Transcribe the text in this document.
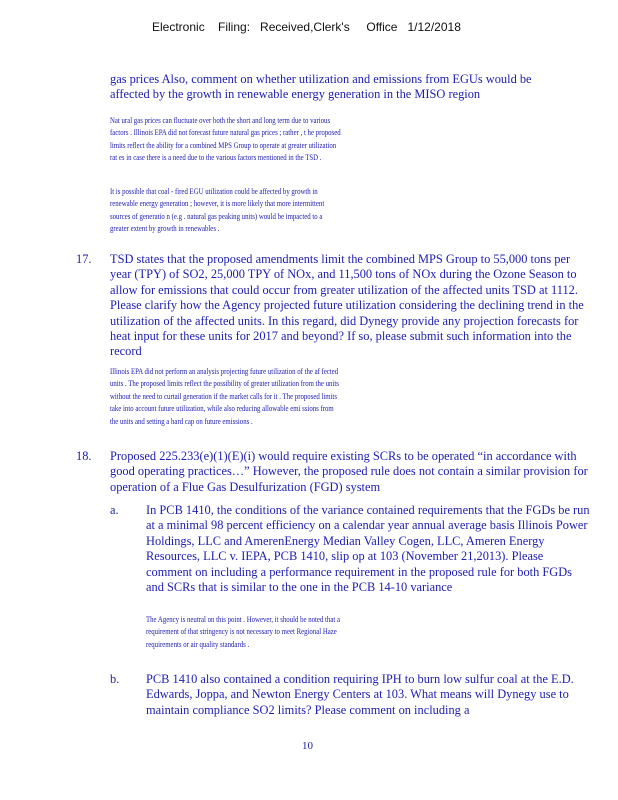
Electronic    Filing:   Received,Clerk's     Office   1/12/2018

gas prices Also, comment on whether utilization and emissions from EGUs would be affected by the growth in renewable energy generation in the MISO region

Nat ural gas prices can fluctuate over both the short and long term due to various
factors . Illinois EPA did not forecast future natural gas prices ; rather , t he proposed
limits reflect the ability for a combined MPS Group to operate at greater utilization
rat es in case there is a need due to the various factors mentioned in the TSD .
It is possible that coal - fired EGU utilization could be affected by growth in
renewable energy generation ; however, it is more likely that more intermittent
sources of generatio n (e.g . natural gas peaking units) would be impacted to a
greater extent by growth in renewables .
17. TSD states that the proposed amendments limit the combined MPS Group to 55,000 tons per year (TPY) of SO2, 25,000 TPY of NOx, and 11,500 tons of NOx during the Ozone Season to allow for emissions that could occur from greater utilization of the affected units TSD at 1112. Please clarify how the Agency projected future utilization considering the declining trend in the utilization of the affected units. In this regard, did Dynegy provide any projection forecasts for heat input for these units for 2017 and beyond? If so, please submit such information into the record

Illinois EPA did not perform an analysis projecting future utilization of the af fected
units . The proposed limits reflect the possibility of greater utilization from the units
without the need to curtail generation if the market calls for it . The proposed limits
take into account future utilization, while also reducing allowable emi ssions from
the units and setting a hard cap on future emissions .
18. Proposed 225.233(e)(1)(E)(i) would require existing SCRs to be operated “in accordance with good operating practices…” However, the proposed rule does not contain a similar provision for operation of a Flue Gas Desulfurization (FGD) system

a. In PCB 1410, the conditions of the variance contained requirements that the FGDs be run at a minimal 98 percent efficiency on a calendar year annual average basis Illinois Power Holdings, LLC and AmerenEnergy Median Valley Cogen, LLC, Ameren Energy Resources, LLC v. IEPA, PCB 1410, slip op at 103 (November 21,2013). Please comment on including a performance requirement in the proposed rule for both FGDs and SCRs that is similar to the one in the PCB 14-10 variance

The Agency is neutral on this point . However, it should be noted that a
requirement of that stringency is not necessary to meet Regional Haze
requirements or air quality standards .
b. PCB 1410 also contained a condition requiring IPH to burn low sulfur coal at the E.D. Edwards, Joppa, and Newton Energy Centers at 103. What means will Dynegy use to maintain compliance SO2 limits? Please comment on including a

10
